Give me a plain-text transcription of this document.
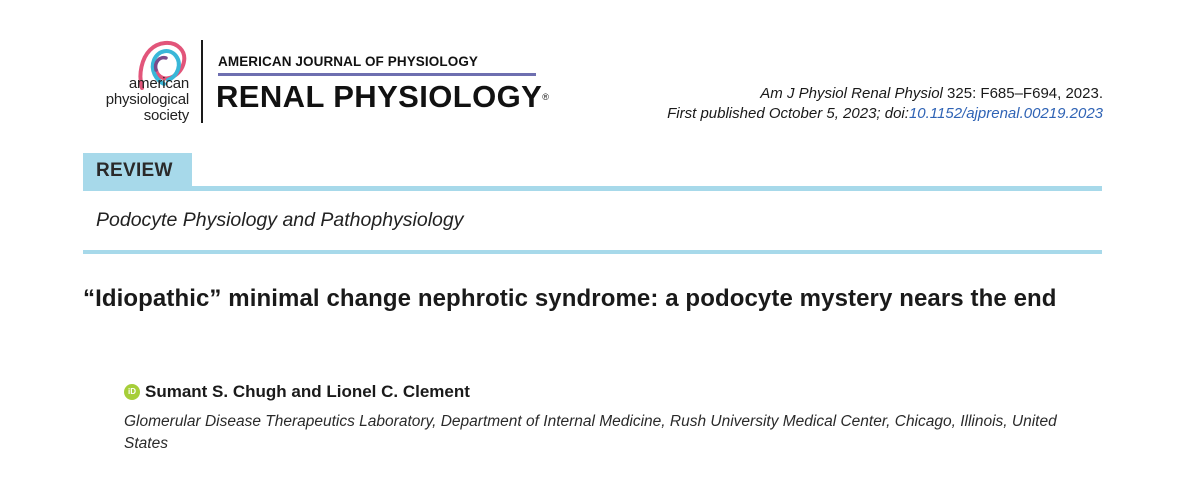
american
physiological
society
AMERICAN JOURNAL OF PHYSIOLOGY
RENAL PHYSIOLOGY®	Am J Physiol Renal Physiol 325: F685–F694, 2023.
First published October 5, 2023; doi:10.1152/ajprenal.00219.2023
REVIEW
Podocyte Physiology and Pathophysiology
“Idiopathic” minimal change nephrotic syndrome: a podocyte mystery nears the end
iD Sumant S. Chugh and Lionel C. Clement
Glomerular Disease Therapeutics Laboratory, Department of Internal Medicine, Rush University Medical Center, Chicago, Illinois, United States
